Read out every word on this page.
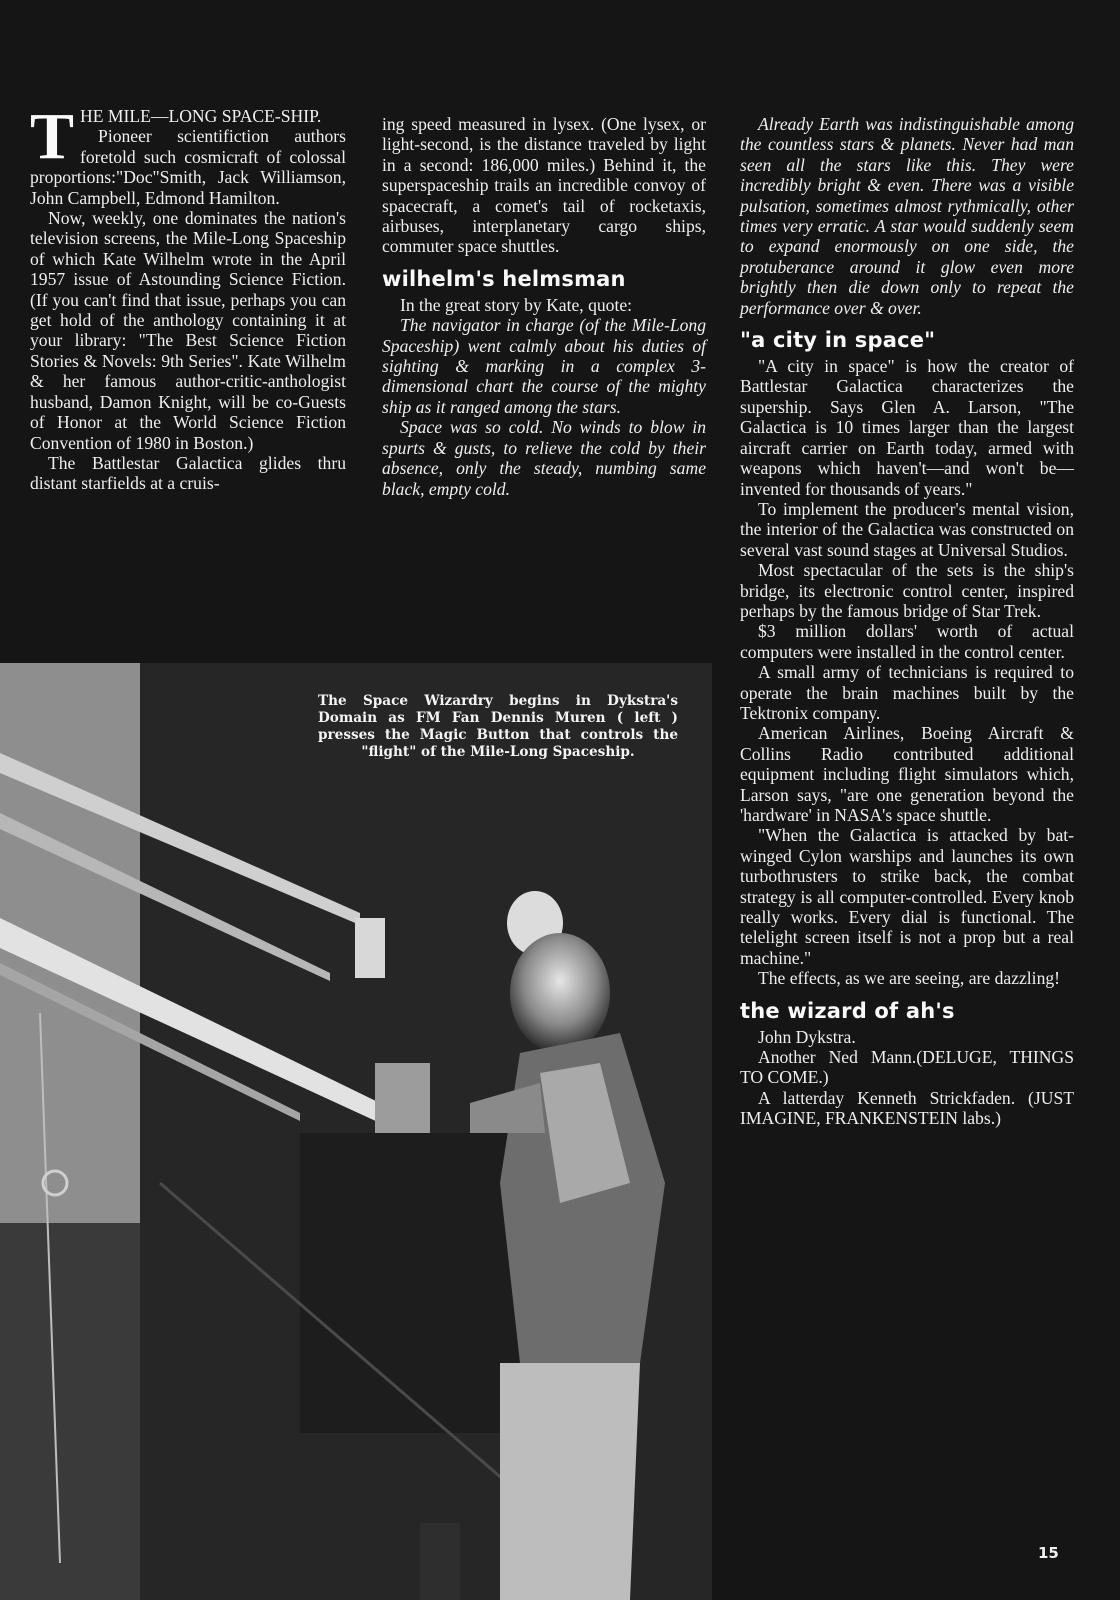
THE MILE—LONG SPACE-SHIP.

Pioneer scientifiction authors foretold such cosmicraft of colossal proportions:"Doc"Smith, Jack Williamson, John Campbell, Edmond Hamilton.

Now, weekly, one dominates the nation's television screens, the Mile-Long Spaceship of which Kate Wilhelm wrote in the April 1957 issue of Astounding Science Fiction. (If you can't find that issue, perhaps you can get hold of the anthology containing it at your library: "The Best Science Fiction Stories & Novels: 9th Series". Kate Wilhelm & her famous author-critic-anthologist husband, Damon Knight, will be co-Guests of Honor at the World Science Fiction Convention of 1980 in Boston.)

The Battlestar Galactica glides thru distant starfields at a cruis-

ing speed measured in lysex. (One lysex, or light-second, is the distance traveled by light in a second: 186,000 miles.) Behind it, the superspaceship trails an incredible convoy of spacecraft, a comet's tail of rocketaxis, airbuses, interplanetary cargo ships, commuter space shuttles.

wilhelm's helmsman

In the great story by Kate, quote:

The navigator in charge (of the Mile-Long Spaceship) went calmly about his duties of sighting & marking in a complex 3-dimensional chart the course of the mighty ship as it ranged among the stars.

Space was so cold. No winds to blow in spurts & gusts, to relieve the cold by their absence, only the steady, numbing same black, empty cold.

Already Earth was indistinguishable among the countless stars & planets. Never had man seen all the stars like this. They were incredibly bright & even. There was a visible pulsation, sometimes almost rythmically, other times very erratic. A star would suddenly seem to expand enormously on one side, the protuberance around it glow even more brightly then die down only to repeat the performance over & over.

"a city in space"

"A city in space" is how the creator of Battlestar Galactica characterizes the supership. Says Glen A. Larson, "The Galactica is 10 times larger than the largest aircraft carrier on Earth today, armed with weapons which haven't—and won't be—invented for thousands of years."

To implement the producer's mental vision, the interior of the Galactica was constructed on several vast sound stages at Universal Studios.

Most spectacular of the sets is the ship's bridge, its electronic control center, inspired perhaps by the famous bridge of Star Trek.

$3 million dollars' worth of actual computers were installed in the control center.

A small army of technicians is required to operate the brain machines built by the Tektronix company.

American Airlines, Boeing Aircraft & Collins Radio contributed additional equipment including flight simulators which, Larson says, "are one generation beyond the 'hardware' in NASA's space shuttle.

"When the Galactica is attacked by bat-winged Cylon warships and launches its own turbothrusters to strike back, the combat strategy is all computer-controlled. Every knob really works. Every dial is functional. The telelight screen itself is not a prop but a real machine."

The effects, as we are seeing, are dazzling!

the wizard of ah's

John Dykstra.

Another Ned Mann.(DELUGE, THINGS TO COME.)

A latterday Kenneth Strickfaden. (JUST IMAGINE, FRANKENSTEIN labs.)

The Space Wizardry begins in Dykstra's Domain as FM Fan Dennis Muren ( left ) presses the Magic Button that controls the "flight" of the Mile-Long Spaceship.

15
